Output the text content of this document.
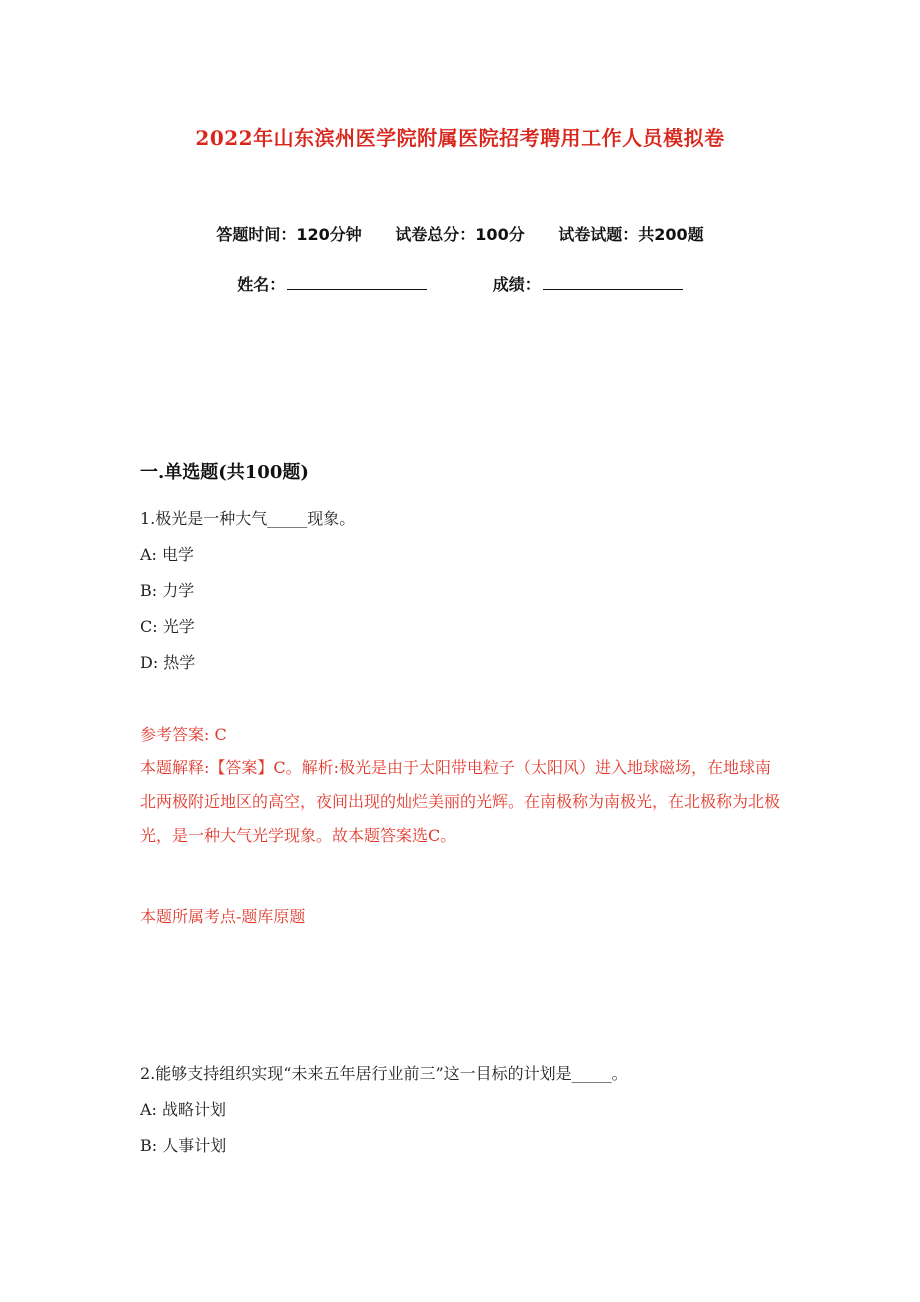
2022年山东滨州医学院附属医院招考聘用工作人员模拟卷
答题时间：120分钟 试卷总分：100分 试卷试题：共200题
姓名：	成绩：
一.单选题(共100题)
1.极光是一种大气_____现象。
A: 电学
B: 力学
C: 光学
D: 热学
参考答案: C
本题解释:【答案】C。解析:极光是由于太阳带电粒子（太阳风）进入地球磁场，在地球南北两极附近地区的高空，夜间出现的灿烂美丽的光辉。在南极称为南极光，在北极称为北极光，是一种大气光学现象。故本题答案选C。
本题所属考点-题库原题
2.能够支持组织实现“未来五年居行业前三”这一目标的计划是_____。
A: 战略计划
B: 人事计划
